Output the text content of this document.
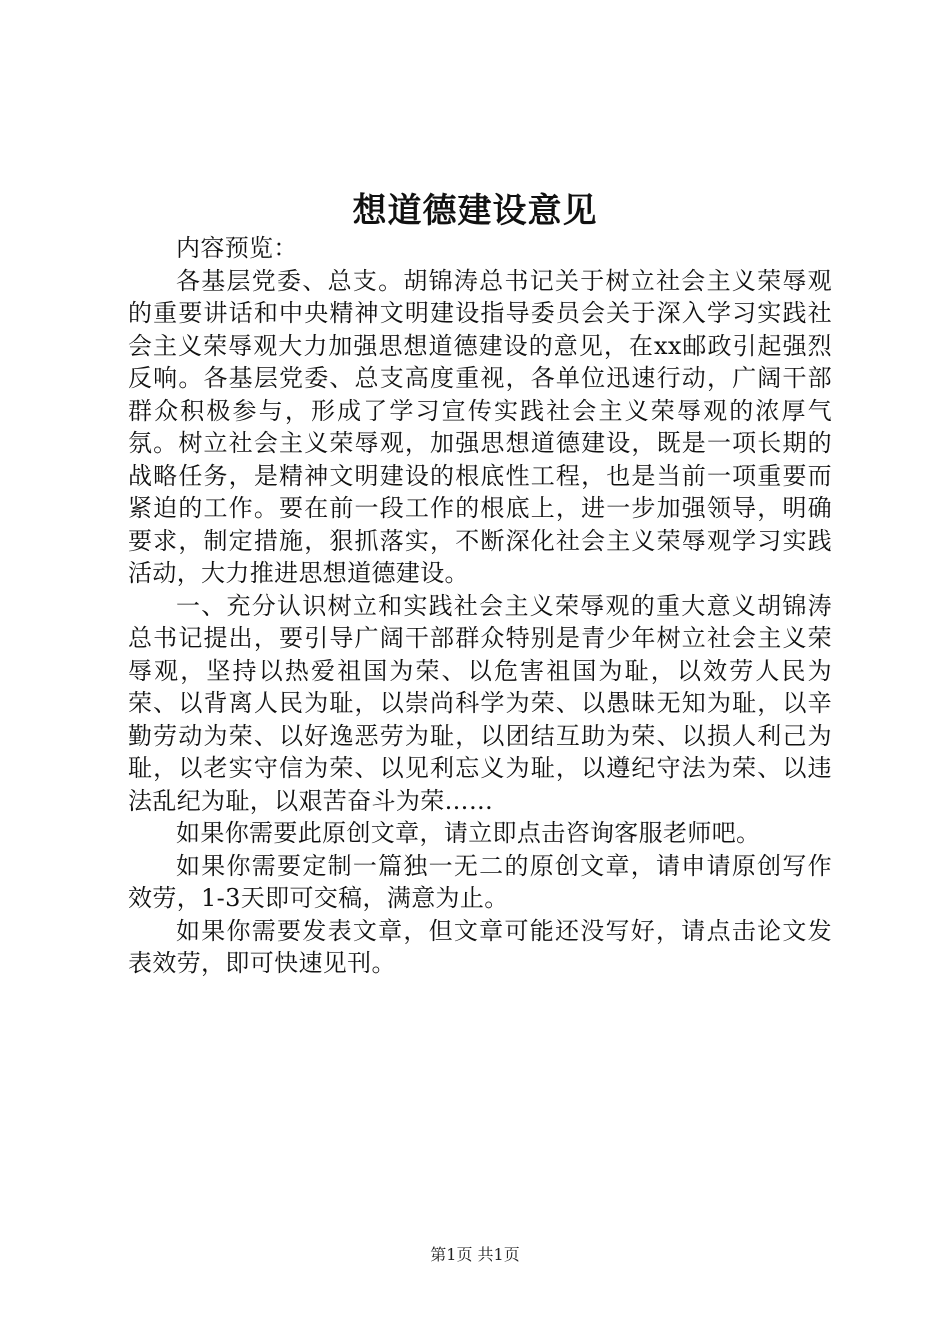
想道德建设意见

内容预览：

各基层党委、总支。胡锦涛总书记关于树立社会主义荣辱观的重要讲话和中央精神文明建设指导委员会关于深入学习实践社会主义荣辱观大力加强思想道德建设的意见，在xx邮政引起强烈反响。各基层党委、总支高度重视，各单位迅速行动，广阔干部群众积极参与，形成了学习宣传实践社会主义荣辱观的浓厚气氛。树立社会主义荣辱观，加强思想道德建设，既是一项长期的战略任务，是精神文明建设的根底性工程，也是当前一项重要而紧迫的工作。要在前一段工作的根底上，进一步加强领导，明确要求，制定措施，狠抓落实，不断深化社会主义荣辱观学习实践活动，大力推进思想道德建设。

一、充分认识树立和实践社会主义荣辱观的重大意义胡锦涛总书记提出，要引导广阔干部群众特别是青少年树立社会主义荣辱观，坚持以热爱祖国为荣、以危害祖国为耻，以效劳人民为荣、以背离人民为耻，以崇尚科学为荣、以愚昧无知为耻，以辛勤劳动为荣、以好逸恶劳为耻，以团结互助为荣、以损人利己为耻，以老实守信为荣、以见利忘义为耻，以遵纪守法为荣、以违法乱纪为耻，以艰苦奋斗为荣……

如果你需要此原创文章，请立即点击咨询客服老师吧。

如果你需要定制一篇独一无二的原创文章，请申请原创写作效劳，1-3天即可交稿，满意为止。

如果你需要发表文章，但文章可能还没写好，请点击论文发表效劳，即可快速见刊。

第1页 共1页
